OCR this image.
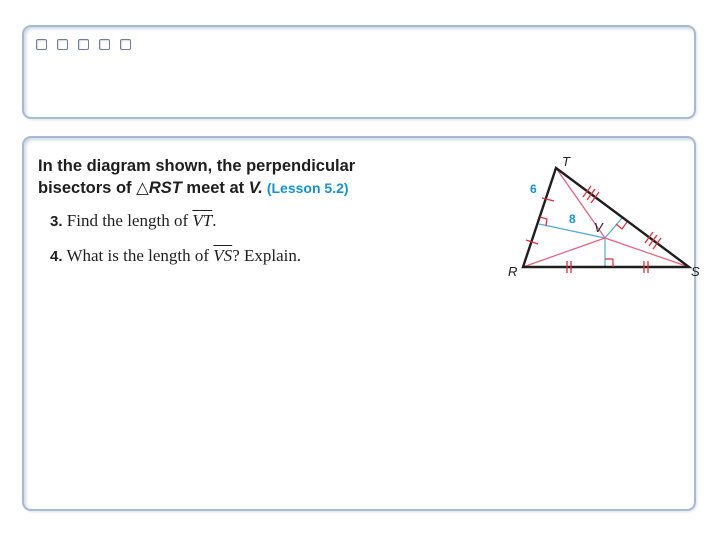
In the diagram shown, the perpendicular
bisectors of △RST meet at V. (Lesson 5.2)
3. Find the length of $\overline{VT}$.
4. What is the length of $\overline{VS}$? Explain.
T
R	S
V
6
8
